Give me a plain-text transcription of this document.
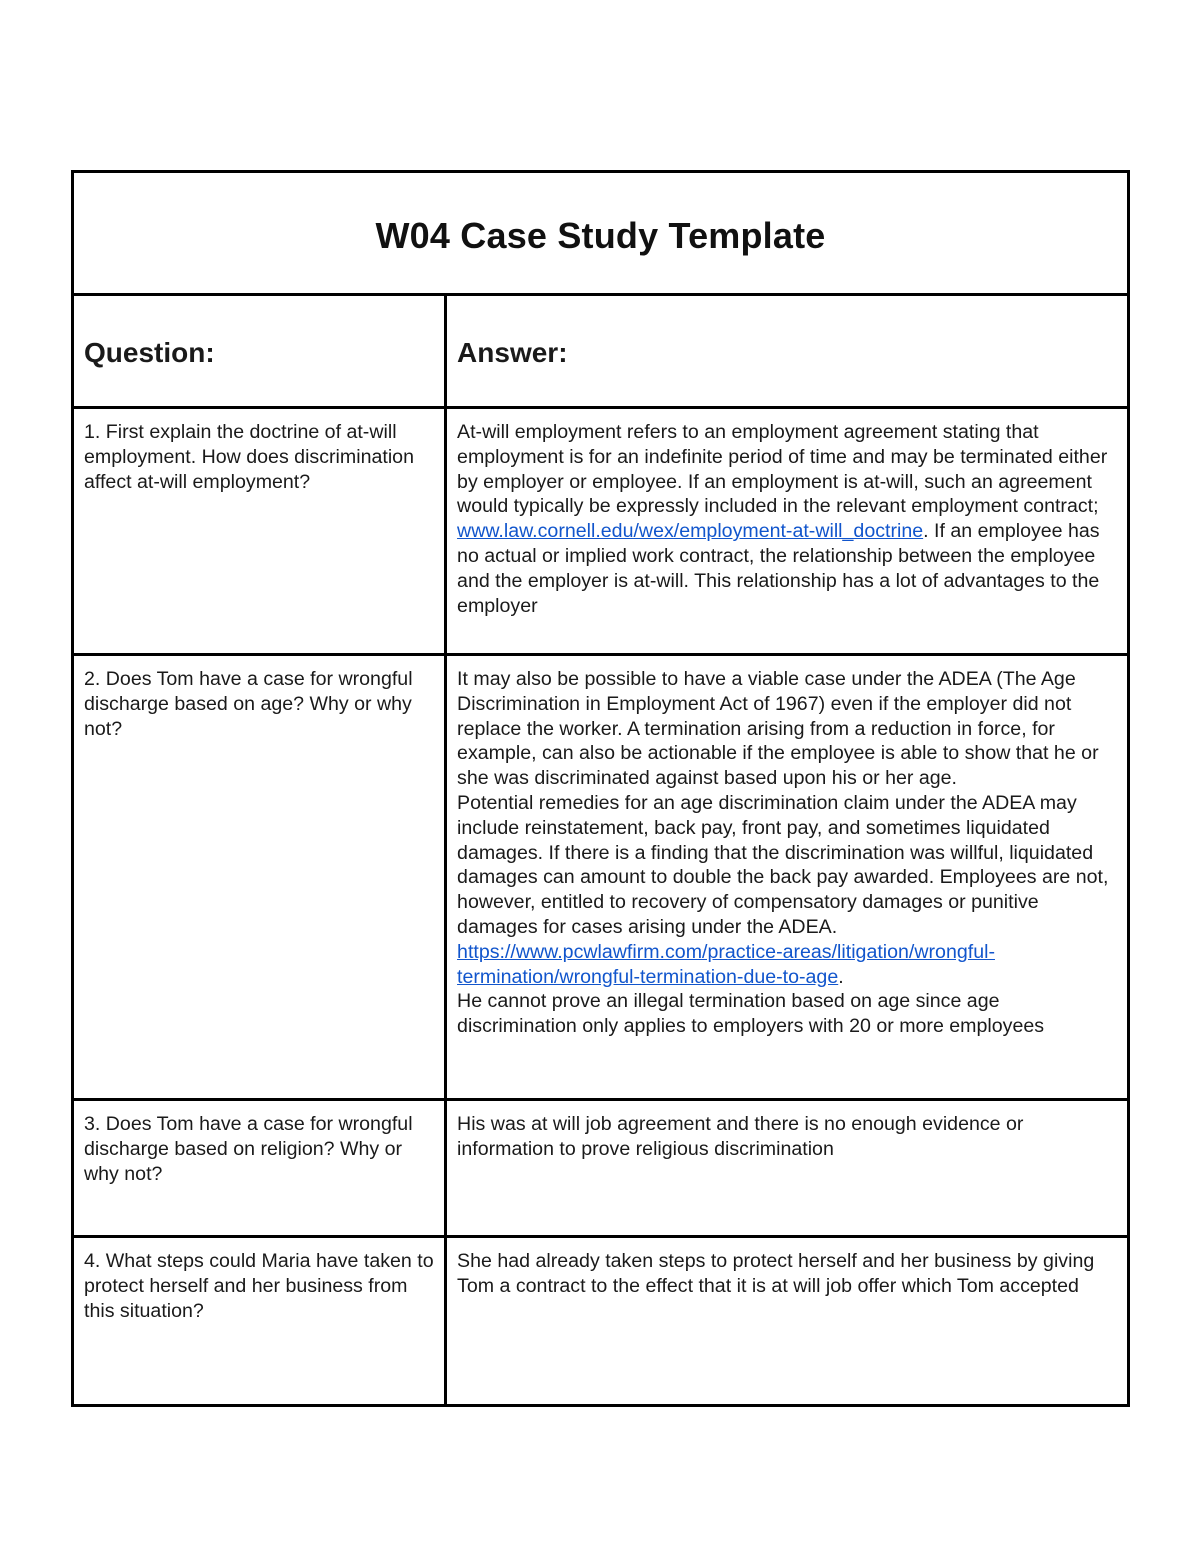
W04 Case Study Template	
Question:	Answer:
1. First explain the doctrine of at-will employment. How does discrimination affect at-will employment?	At-will employment refers to an employment agreement stating that employment is for an indefinite period of time and may be terminated either by employer or employee. If an employment is at-will, such an agreement would typically be expressly included in the relevant employment contract; www.law.cornell.edu/wex/employment-at-will_doctrine. If an employee has no actual or implied work contract, the relationship between the employee and the employer is at-will. This relationship has a lot of advantages to the employer
2. Does Tom have a case for wrongful discharge based on age? Why or why not?	It may also be possible to have a viable case under the ADEA (The Age Discrimination in Employment Act of 1967) even if the employer did not replace the worker. A termination arising from a reduction in force, for example, can also be actionable if the employee is able to show that he or she was discriminated against based upon his or her age.
Potential remedies for an age discrimination claim under the ADEA may include reinstatement, back pay, front pay, and sometimes liquidated damages. If there is a finding that the discrimination was willful, liquidated damages can amount to double the back pay awarded. Employees are not, however, entitled to recovery of compensatory damages or punitive damages for cases arising under the ADEA.
https://www.pcwlawfirm.com/practice-areas/litigation/wrongful-termination/wrongful-termination-due-to-age.
He cannot prove an illegal termination based on age since age discrimination only applies to employers with 20 or more employees

3. Does Tom have a case for wrongful discharge based on religion? Why or why not?	His was at will job agreement and there is no enough evidence or information to prove religious discrimination
4. What steps could Maria have taken to protect herself and her business from this situation?	She had already taken steps to protect herself and her business by giving Tom a contract to the effect that it is at will job offer which Tom accepted
